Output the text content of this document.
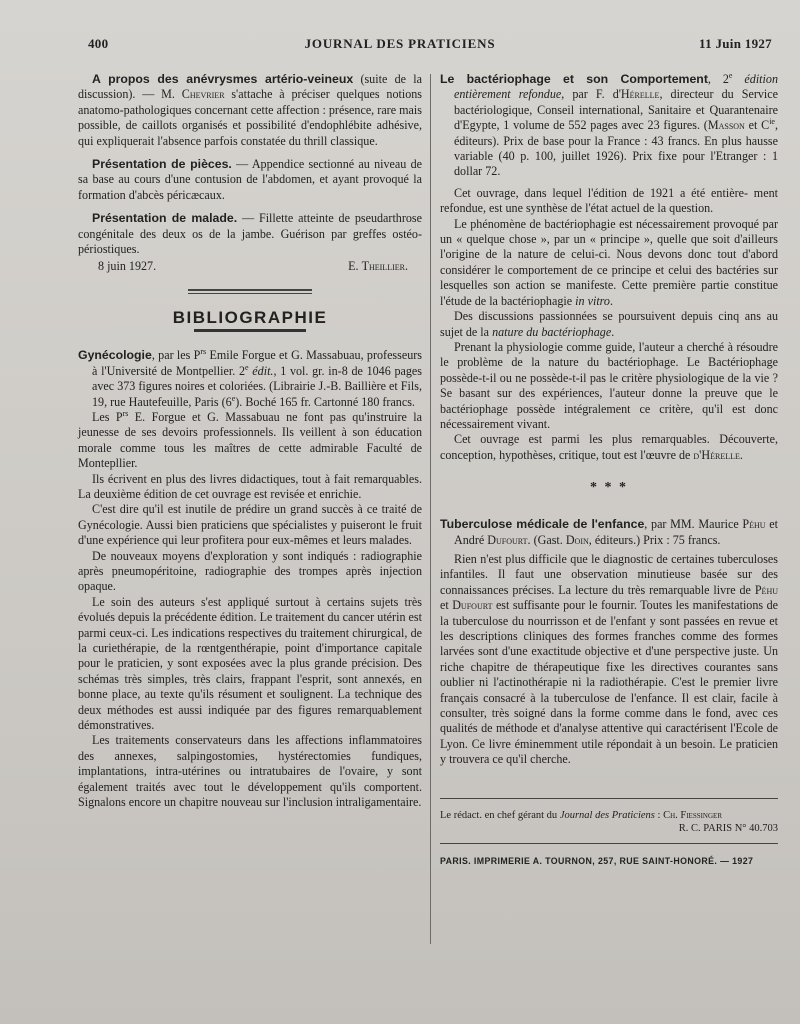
400	JOURNAL DES PRATICIENS	11 Juin 1927

A propos des anévrysmes artério-veineux (suite de la discussion). — M. Chevrier s'attache à préciser quelques notions anatomo-pathologiques concernant cette affection : présence, rare mais possible, de caillots organisés et possibilité d'endophlébite adhésive, qui expliquerait l'absence parfois constatée du thrill classique.

Présentation de pièces. — Appendice sectionné au niveau de sa base au cours d'une contusion de l'abdomen, et ayant provoqué la formation d'abcès péricæcaux.

Présentation de malade. — Fillette atteinte de pseudarthrose congénitale des deux os de la jambe. Guérison par greffes ostéo-périostiques.

8 juin 1927.	E. Theillier.
BIBLIOGRAPHIE

Gynécologie, par les $P^{rs}$ Emile Forgue et G. Massabuau, professeurs à l'Université de Montpellier. 2e édit., 1 vol. gr. in-8 de 1046 pages avec 373 figures noires et coloriées. (Librairie J.-B. Baillière et Fils, 19, rue Hautefeuille, Paris (6e). Boché 165 fr. Cartonné 180 francs.

Les $P^{rs}$ E. Forgue et G. Massabuau ne font pas qu'instruire la jeunesse de ses devoirs professionnels. Ils veillent à son éducation morale comme tous les maîtres de cette admirable Faculté de Montepllier.

Ils écrivent en plus des livres didactiques, tout à fait remarquables. La deuxième édition de cet ouvrage est revisée et enrichie.

C'est dire qu'il est inutile de prédire un grand succès à ce traité de Gynécologie. Aussi bien praticiens que spécialistes y puiseront le fruit d'une expérience qui leur profitera pour eux-mêmes et leurs malades.

De nouveaux moyens d'exploration y sont indiqués : radiographie après pneumopéritoine, radiographie des trompes après injection opaque.

Le soin des auteurs s'est appliqué surtout à certains sujets très évolués depuis la précédente édition. Le traitement du cancer utérin est parmi ceux-ci. Les indications respectives du traitement chirurgical, de la curiethérapie, de la rœntgenthérapie, point d'importance capitale pour le praticien, y sont exposées avec la plus grande précision. Des schémas très simples, très clairs, frappant l'esprit, sont annexés, en bonne place, au texte qu'ils résument et soulignent. La technique des deux méthodes est aussi indiquée par des figures remarquablement démonstratives.

Les traitements conservateurs dans les affections inflammatoires des annexes, salpingostomies, hystérectomies fundiques, implantations, intra-utérines ou intratubaires de l'ovaire, y sont également traités avec tout le développement qu'ils comportent. Signalons encore un chapitre nouveau sur l'inclusion intraligamentaire.

Le bactériophage et son Comportement, 2e édition entièrement refondue, par F. d'Hérelle, directeur du Service bactériologique, Conseil international, Sanitaire et Quarantenaire d'Egypte, 1 volume de 552 pages avec 23 figures. (Masson et $C^{ie}$, éditeurs). Prix de base pour la France : 43 francs. En plus hausse variable (40 p. 100, juillet 1926). Prix fixe pour l'Etranger : 1 dollar 72.

Cet ouvrage, dans lequel l'édition de 1921 a été entière- ment refondue, est une synthèse de l'état actuel de la question.

Le phénomène de bactériophagie est nécessairement provoqué par un « quelque chose », par un « principe », quelle que soit d'ailleurs l'origine de la nature de celui-ci. Nous devons donc tout d'abord considérer le comportement de ce principe et celui des bactéries sur lesquelles son action se manifeste. Cette première partie constitue l'étude de la bactériophagie in vitro.

Des discussions passionnées se poursuivent depuis cinq ans au sujet de la nature du bactériophage.

Prenant la physiologie comme guide, l'auteur a cherché à résoudre le problème de la nature du bactériophage. Le Bactériophage possède-t-il ou ne possède-t-il pas le critère physiologique de la vie ? Se basant sur des expériences, l'auteur donne la preuve que le bactériophage possède intégralement ce critère, qu'il est donc nécessairement vivant.

Cet ouvrage est parmi les plus remarquables. Découverte, conception, hypothèses, critique, tout est l'œuvre de d'Hérelle.

* * *

Tuberculose médicale de l'enfance, par MM. Maurice Péhu et André Dufourt. (Gast. Doin, éditeurs.) Prix : 75 francs.

Rien n'est plus difficile que le diagnostic de certaines tuberculoses infantiles. Il faut une observation minutieuse basée sur des connaissances précises. La lecture du très remarquable livre de Péhu et Dufourt est suffisante pour le fournir. Toutes les manifestations de la tuberculose du nourrisson et de l'enfant y sont passées en revue et les descriptions cliniques des formes franches comme des formes larvées sont d'une exactitude objective et d'une perspective juste. Un riche chapitre de thérapeutique fixe les directives courantes sans oublier ni l'actinothérapie ni la radiothérapie. C'est le premier livre français consacré à la tuberculose de l'enfance. Il est clair, facile à consulter, très soigné dans la forme comme dans le fond, avec ces qualités de méthode et d'analyse attentive qui caractérisent l'Ecole de Lyon. Ce livre éminemment utile répondait à un besoin. Le praticien y trouvera ce qu'il cherche.

Le rédact. en chef gérant du Journal des Praticiens : Ch. Fiessinger
R. C. PARIS N° 40.703
PARIS. IMPRIMERIE A. TOURNON, 257, RUE SAINT-HONORÉ. — 1927
